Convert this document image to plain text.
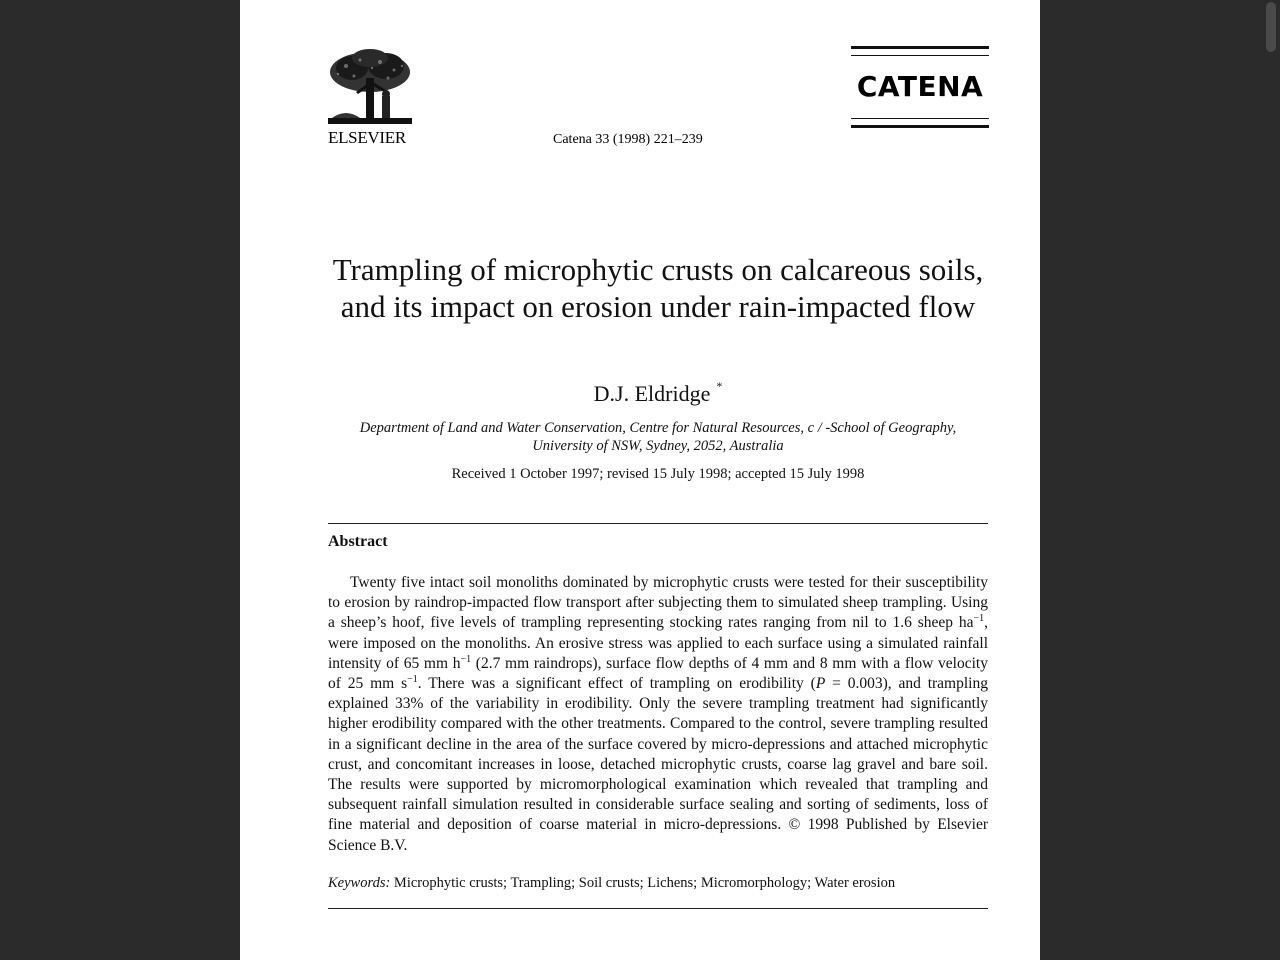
ELSEVIER	Catena 33 (1998) 221–239
CATENA
Trampling of microphytic crusts on calcareous soils, and its impact on erosion under rain-impacted flow
D.J. Eldridge *
Department of Land and Water Conservation, Centre for Natural Resources, c / -School of Geography,
University of NSW, Sydney, 2052, Australia
Received 1 October 1997; revised 15 July 1998; accepted 15 July 1998
Abstract

Twenty five intact soil monoliths dominated by microphytic crusts were tested for their susceptibility to erosion by raindrop-impacted flow transport after subjecting them to simulated sheep trampling. Using a sheep’s hoof, five levels of trampling representing stocking rates ranging from nil to 1.6 sheep $ha^{-1}$, were imposed on the monoliths. An erosive stress was applied to each surface using a simulated rainfall intensity of 65 mm $h^{-1}$ (2.7 mm raindrops), surface flow depths of 4 mm and 8 mm with a flow velocity of 25 mm $s^{-1}$. There was a significant effect of trampling on erodibility (P = 0.003), and trampling explained 33% of the variability in erodibility. Only the severe trampling treatment had significantly higher erodibility compared with the other treatments. Compared to the control, severe trampling resulted in a significant decline in the area of the surface covered by micro-depressions and attached microphytic crust, and concomitant increases in loose, detached microphytic crusts, coarse lag gravel and bare soil. The results were supported by micromorphological examination which revealed that trampling and subsequent rainfall simulation resulted in considerable surface sealing and sorting of sediments, loss of fine material and deposition of coarse material in micro-depressions. © 1998 Published by Elsevier Science B.V.

Keywords: Microphytic crusts; Trampling; Soil crusts; Lichens; Micromorphology; Water erosion
